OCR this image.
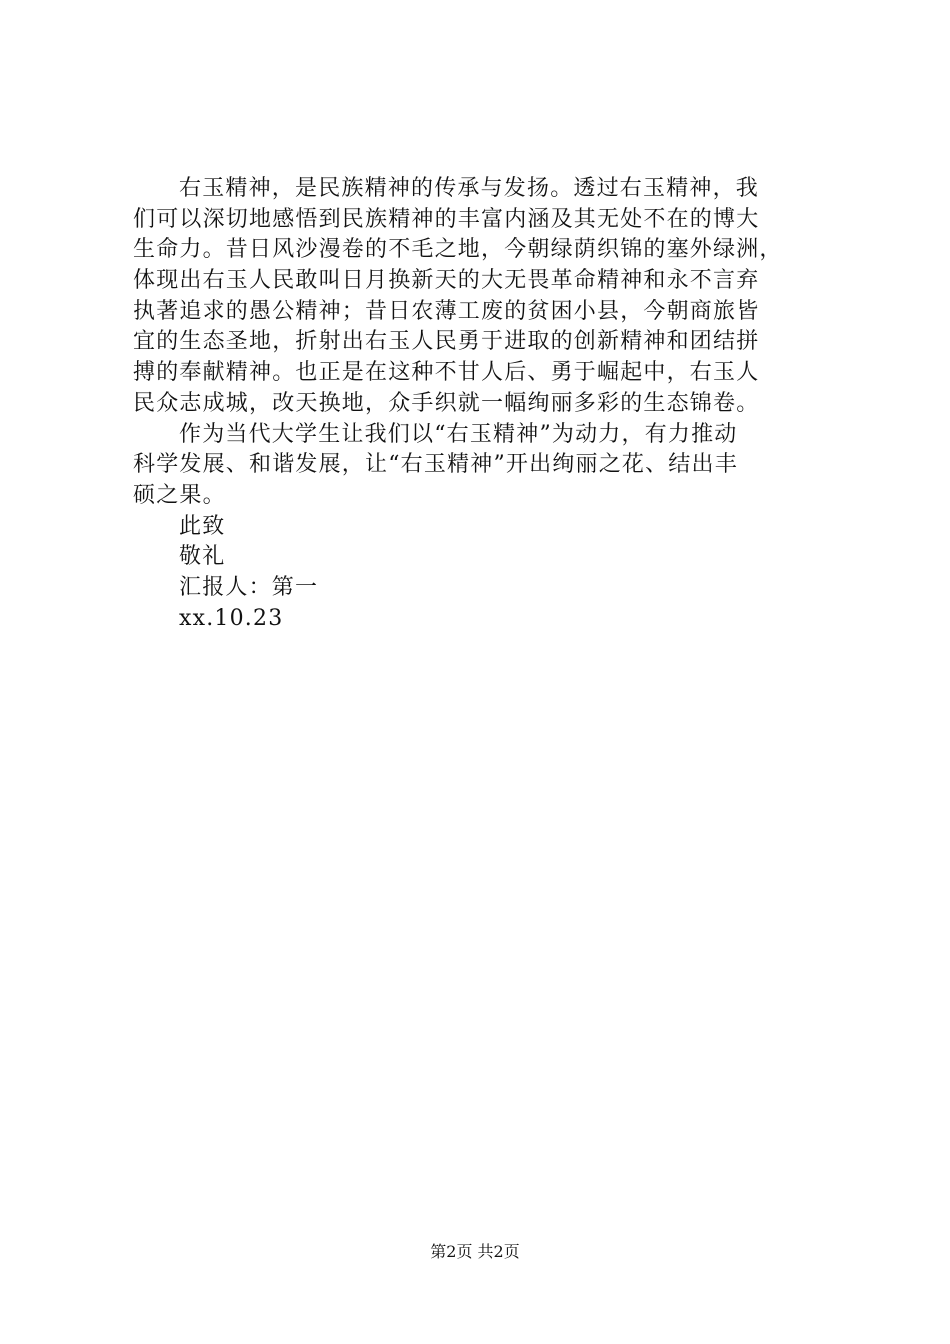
右玉精神，是民族精神的传承与发扬。透过右玉精神，我
们可以深切地感悟到民族精神的丰富内涵及其无处不在的博大
生命力。昔日风沙漫卷的不毛之地，今朝绿荫织锦的塞外绿洲，
体现出右玉人民敢叫日月换新天的大无畏革命精神和永不言弃
执著追求的愚公精神；昔日农薄工废的贫困小县，今朝商旅皆
宜的生态圣地，折射出右玉人民勇于进取的创新精神和团结拼
搏的奉献精神。也正是在这种不甘人后、勇于崛起中，右玉人
民众志成城，改天换地，众手织就一幅绚丽多彩的生态锦卷。
作为当代大学生让我们以“右玉精神”为动力，有力推动
科学发展、和谐发展，让“右玉精神”开出绚丽之花、结出丰
硕之果。
此致
敬礼
汇报人：第一
xx.10.23
第2页 共2页
